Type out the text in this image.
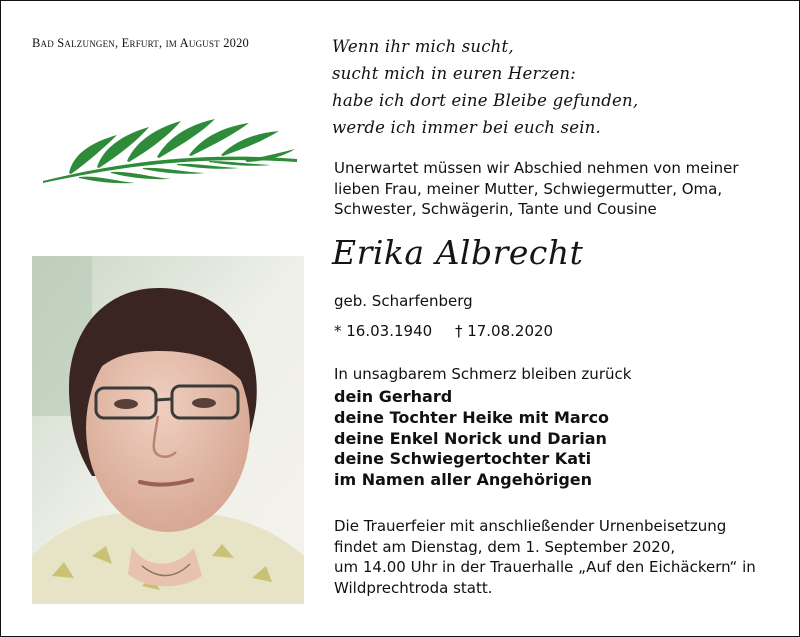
Bad Salzungen, Erfurt, im August 2020	Wenn ihr mich sucht,
sucht mich in euren Herzen:
habe ich dort eine Bleibe gefunden,
werde ich immer bei euch sein.
Unerwartet müssen wir Abschied nehmen von meiner
lieben Frau, meiner Mutter, Schwiegermutter, Oma,
Schwester, Schwägerin, Tante und Cousine
Erika Albrecht
geb. Scharfenberg
* 16.03.1940 † 17.08.2020
In unsagbarem Schmerz bleiben zurück
dein Gerhard
deine Tochter Heike mit Marco
deine Enkel Norick und Darian
deine Schwiegertochter Kati
im Namen aller Angehörigen
Die Trauerfeier mit anschließender Urnenbeisetzung
findet am Dienstag, dem 1. September 2020,
um 14.00 Uhr in der Trauerhalle „Auf den Eichäckern“ in
Wildprechtroda statt.
